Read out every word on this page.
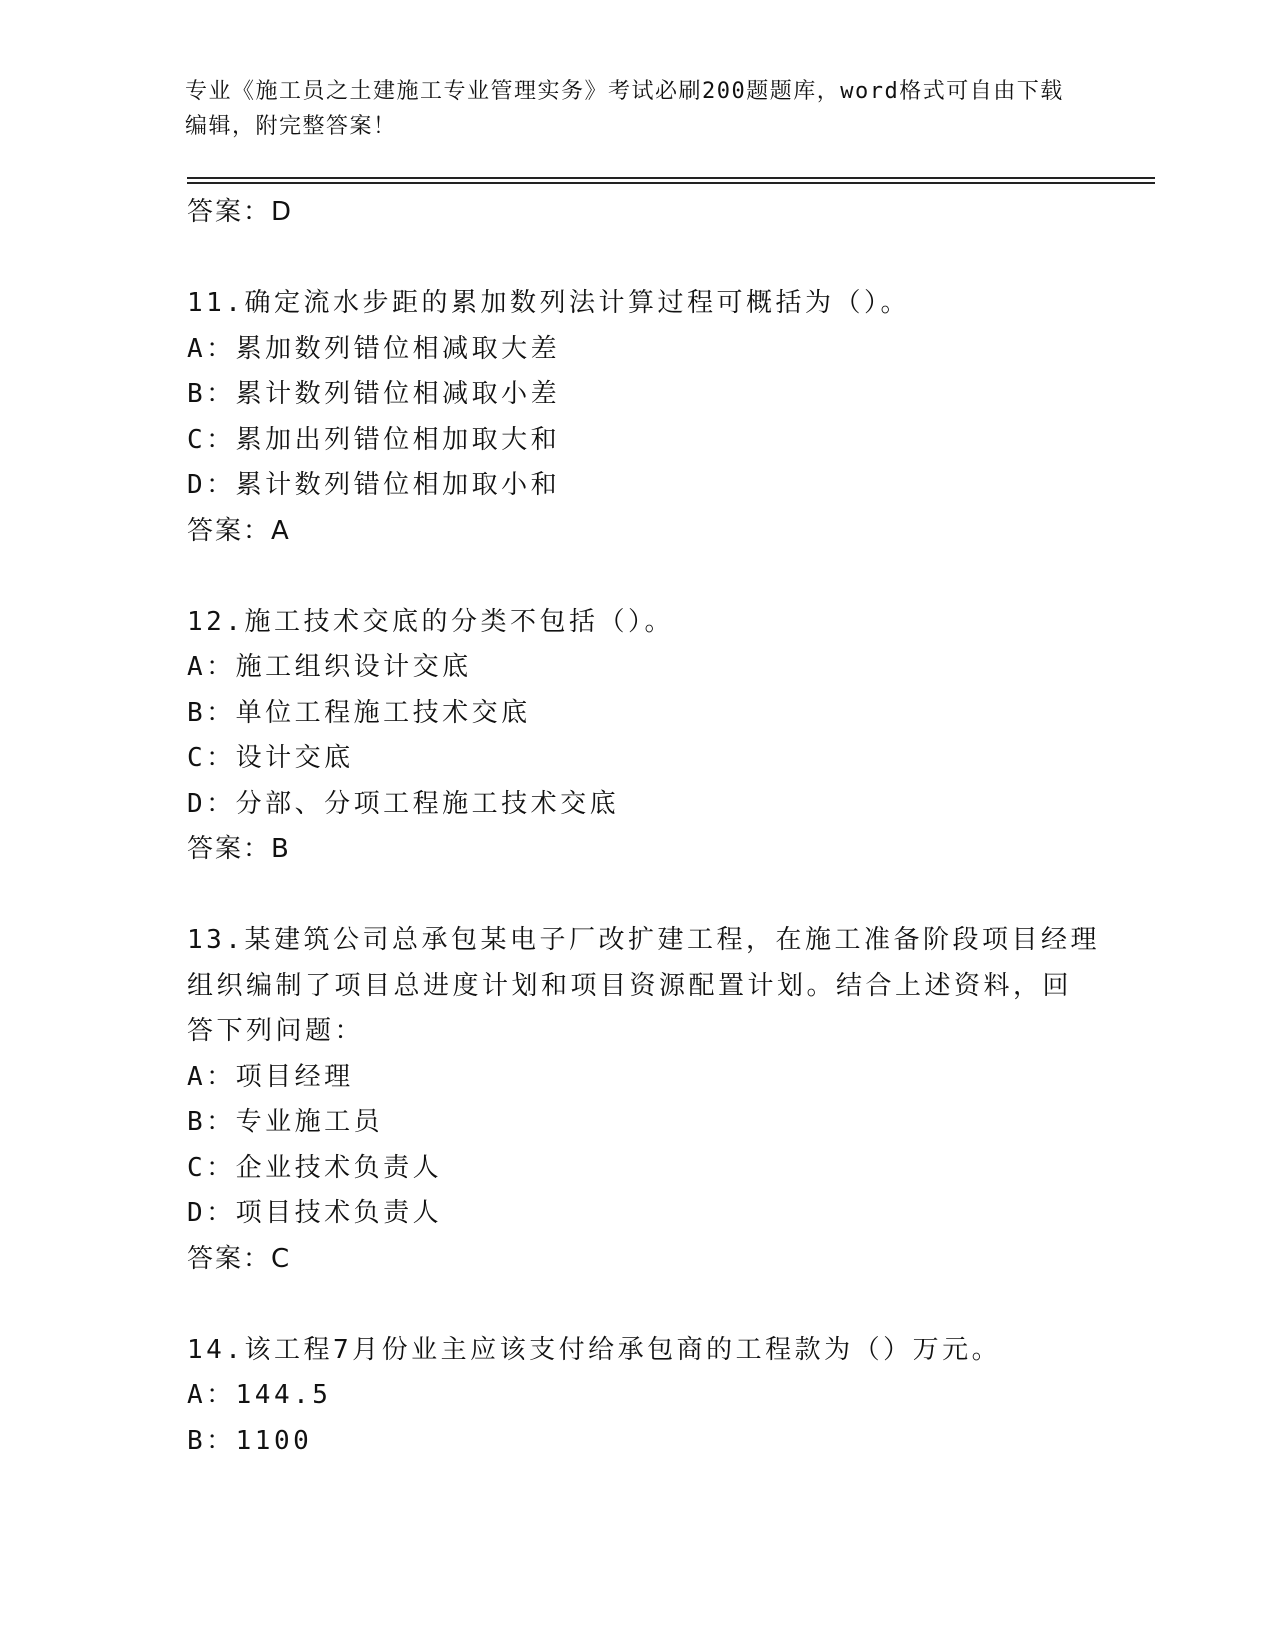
专业《施工员之土建施工专业管理实务》考试必刷200题题库，word格式可自由下载编辑，附完整答案！
答案：D
11.确定流水步距的累加数列法计算过程可概括为（）。
A：累加数列错位相减取大差
B：累计数列错位相减取小差
C：累加出列错位相加取大和
D：累计数列错位相加取小和
答案：A
12.施工技术交底的分类不包括（）。
A：施工组织设计交底
B：单位工程施工技术交底
C：设计交底
D：分部、分项工程施工技术交底
答案：B
13.某建筑公司总承包某电子厂改扩建工程，在施工准备阶段项目经理
组织编制了项目总进度计划和项目资源配置计划。结合上述资料，回
答下列问题：
A：项目经理
B：专业施工员
C：企业技术负责人
D：项目技术负责人
答案：C
14.该工程7月份业主应该支付给承包商的工程款为（）万元。
A：144.5
B：1100
